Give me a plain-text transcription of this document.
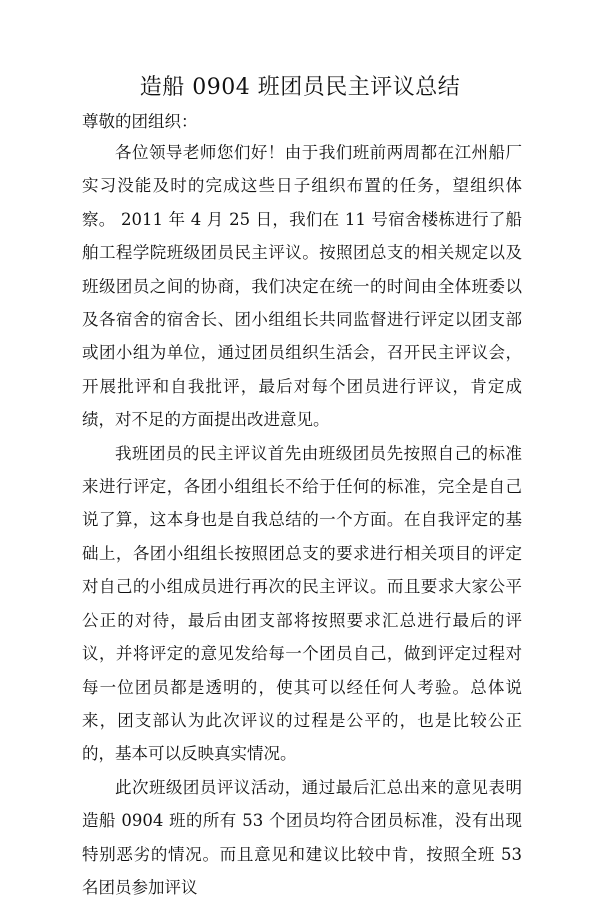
造船 0904 班团员民主评议总结

尊敬的团组织：

各位领导老师您们好！由于我们班前两周都在江州船厂实习没能及时的完成这些日子组织布置的任务，望组织体察。 2011 年 4 月 25 日，我们在 11 号宿舍楼栋进行了船舶工程学院班级团员民主评议。按照团总支的相关规定以及班级团员之间的协商，我们决定在统一的时间由全体班委以及各宿舍的宿舍长、团小组组长共同监督进行评定以团支部或团小组为单位，通过团员组织生活会，召开民主评议会，开展批评和自我批评，最后对每个团员进行评议，肯定成绩，对不足的方面提出改进意见。

我班团员的民主评议首先由班级团员先按照自己的标准来进行评定，各团小组组长不给于任何的标准，完全是自己说了算，这本身也是自我总结的一个方面。在自我评定的基础上，各团小组组长按照团总支的要求进行相关项目的评定对自己的小组成员进行再次的民主评议。而且要求大家公平公正的对待，最后由团支部将按照要求汇总进行最后的评议，并将评定的意见发给每一个团员自己，做到评定过程对每一位团员都是透明的，使其可以经任何人考验。总体说来，团支部认为此次评议的过程是公平的，也是比较公正的，基本可以反映真实情况。

此次班级团员评议活动，通过最后汇总出来的意见表明造船 0904 班的所有 53 个团员均符合团员标准，没有出现特别恶劣的情况。而且意见和建议比较中肯，按照全班 53 名团员参加评议
